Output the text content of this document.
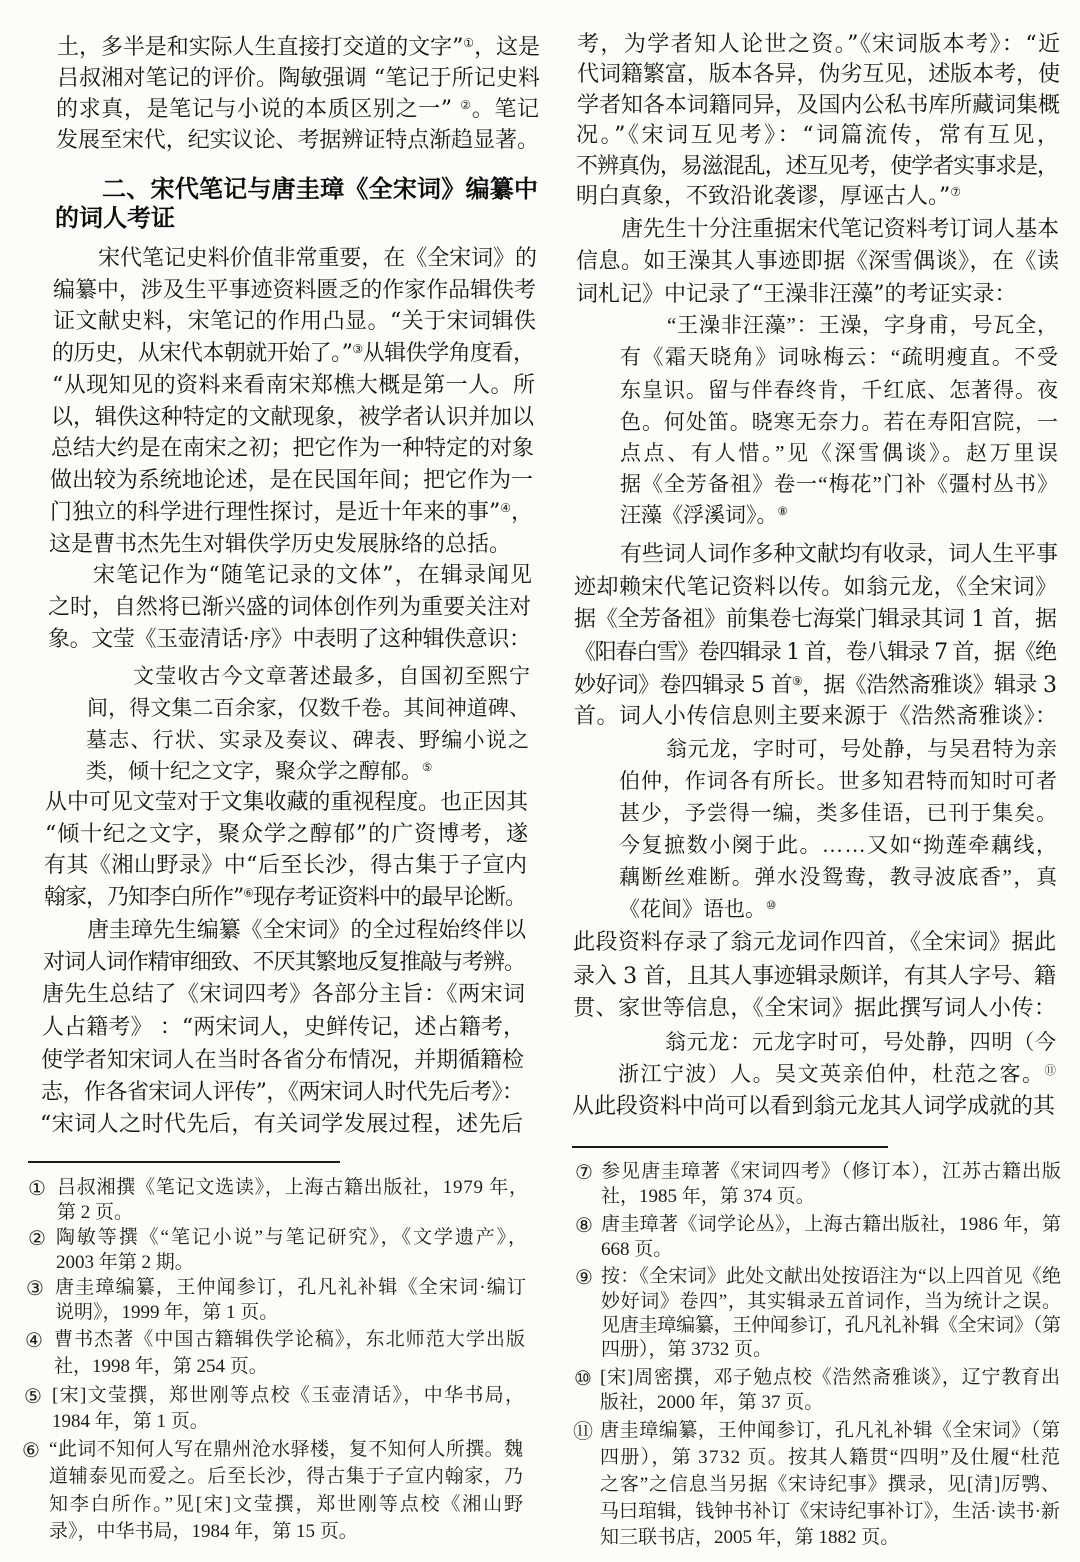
土，多半是和实际人生直接打交道的文字”①，这是
吕叔湘对笔记的评价。陶敏强调 “笔记于所记史料
的求真，是笔记与小说的本质区别之一” ②。笔记
发展至宋代，纪实议论、考据辨证特点渐趋显著。
二、宋代笔记与唐圭璋《全宋词》编纂中
的词人考证
宋代笔记史料价值非常重要，在《全宋词》的
编纂中，涉及生平事迹资料匮乏的作家作品辑佚考
证文献史料，宋笔记的作用凸显。“关于宋词辑佚
的历史，从宋代本朝就开始了。”③从辑佚学角度看，
“从现知见的资料来看南宋郑樵大概是第一人。所
以，辑佚这种特定的文献现象，被学者认识并加以
总结大约是在南宋之初；把它作为一种特定的对象
做出较为系统地论述，是在民国年间；把它作为一
门独立的科学进行理性探讨，是近十年来的事”④，
这是曹书杰先生对辑佚学历史发展脉络的总括。
宋笔记作为“随笔记录的文体”，在辑录闻见
之时，自然将已渐兴盛的词体创作列为重要关注对
象。文莹《玉壶清话·序》中表明了这种辑佚意识：
文莹收古今文章著述最多，自国初至熙宁
间，得文集二百余家，仅数千卷。其间神道碑、
墓志、行状、实录及奏议、碑表、野编小说之
类，倾十纪之文字，聚众学之醇郁。⑤
从中可见文莹对于文集收藏的重视程度。也正因其
“倾十纪之文字，聚众学之醇郁”的广资博考，遂
有其《湘山野录》中“后至长沙，得古集于子宣内
翰家，乃知李白所作”⑥现存考证资料中的最早论断。
唐圭璋先生编纂《全宋词》的全过程始终伴以
对词人词作精审细致、不厌其繁地反复推敲与考辨。
唐先生总结了《宋词四考》各部分主旨：《两宋词
人占籍考》 ：“两宋词人，史鲜传记，述占籍考，
使学者知宋词人在当时各省分布情况，并期循籍检
志，作各省宋词人评传”，《两宋词人时代先后考》：
“宋词人之时代先后，有关词学发展过程，述先后
① 吕叔湘撰《笔记文选读》，上海古籍出版社，1979 年，
第 2 页。
② 陶敏等撰《“笔记小说”与笔记研究》，《文学遗产》，
2003 年第 2 期。
③ 唐圭璋编纂，王仲闻参订，孔凡礼补辑《全宋词·编订
说明》，1999 年，第 1 页。
④ 曹书杰著《中国古籍辑佚学论稿》，东北师范大学出版
社，1998 年，第 254 页。
⑤ [宋]文莹撰，郑世刚等点校《玉壶清话》，中华书局，
1984 年，第 1 页。
⑥ “此词不知何人写在鼎州沧水驿楼，复不知何人所撰。魏
道辅泰见而爱之。后至长沙，得古集于子宣内翰家，乃
知李白所作。”见[宋]文莹撰，郑世刚等点校《湘山野
录》，中华书局，1984 年，第 15 页。
考，为学者知人论世之资。”《宋词版本考》：“近
代词籍繁富，版本各异，伪劣互见，述版本考，使
学者知各本词籍同异，及国内公私书库所藏词集概
况。”《宋词互见考》：“词篇流传，常有互见，
不辨真伪，易滋混乱，述互见考，使学者实事求是，
明白真象，不致沿讹袭谬，厚诬古人。”⑦
唐先生十分注重据宋代笔记资料考订词人基本
信息。如王澡其人事迹即据《深雪偶谈》，在《读
词札记》中记录了“王澡非汪藻”的考证实录：
“王澡非汪藻”：王澡，字身甫，号瓦全，
有《霜天晓角》词咏梅云：“疏明瘦直。不受
东皇识。留与伴春终肯，千红底、怎著得。夜
色。何处笛。晓寒无奈力。若在寿阳宫院，一
点点、有人惜。”见《深雪偶谈》。赵万里误
据《全芳备祖》卷一“梅花”门补《彊村丛书》
汪藻《浮溪词》。⑧
有些词人词作多种文献均有收录，词人生平事
迹却赖宋代笔记资料以传。如翁元龙，《全宋词》
据《全芳备祖》前集卷七海棠门辑录其词 1 首，据
《阳春白雪》卷四辑录 1 首，卷八辑录 7 首，据《绝
妙好词》卷四辑录 5 首⑨，据《浩然斋雅谈》辑录 3
首。词人小传信息则主要来源于《浩然斋雅谈》：
翁元龙，字时可，号处静，与吴君特为亲
伯仲，作词各有所长。世多知君特而知时可者
甚少，予尝得一编，类多佳语，已刊于集矣。
今复摭数小阕于此。……又如“拗莲牵藕线，
藕断丝难断。弹水没鸳鸯，教寻波底香”，真
《花间》语也。⑩
此段资料存录了翁元龙词作四首，《全宋词》据此
录入 3 首，且其人事迹辑录颇详，有其人字号、籍
贯、家世等信息，《全宋词》据此撰写词人小传：
翁元龙：元龙字时可，号处静，四明（今
浙江宁波）人。吴文英亲伯仲，杜范之客。⑪
从此段资料中尚可以看到翁元龙其人词学成就的其
⑦ 参见唐圭璋著《宋词四考》（修订本），江苏古籍出版
社，1985 年，第 374 页。
⑧ 唐圭璋著《词学论丛》，上海古籍出版社，1986 年，第
668 页。
⑨ 按：《全宋词》此处文献出处按语注为“以上四首见《绝
妙好词》卷四”，其实辑录五首词作，当为统计之误。
见唐圭璋编纂，王仲闻参订，孔凡礼补辑《全宋词》（第
四册），第 3732 页。
⑩ [宋]周密撰，邓子勉点校《浩然斋雅谈》，辽宁教育出
版社，2000 年，第 37 页。
⑪ 唐圭璋编纂，王仲闻参订，孔凡礼补辑《全宋词》（第
四册），第 3732 页。按其人籍贯“四明”及仕履“杜范
之客”之信息当另据《宋诗纪事》撰录，见[清]厉鹗、
马曰琯辑，钱钟书补订《宋诗纪事补订》，生活·读书·新
知三联书店，2005 年，第 1882 页。
